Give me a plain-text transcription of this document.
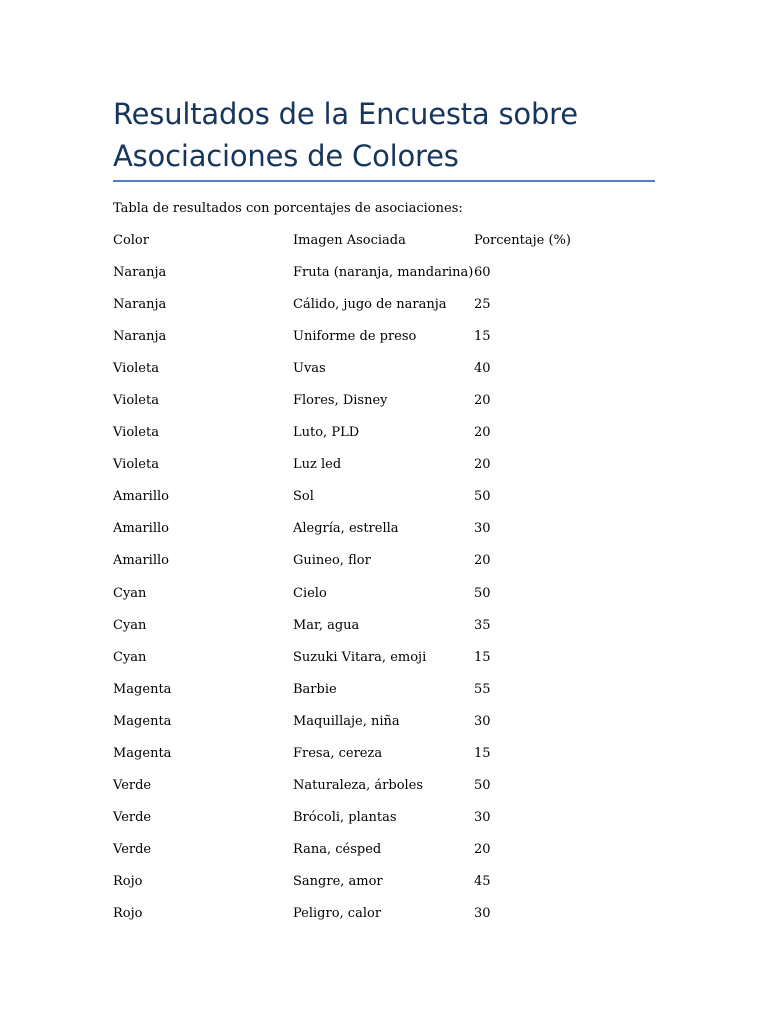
Resultados de la Encuesta sobre Asociaciones de Colores
Tabla de resultados con porcentajes de asociaciones:
Color	Imagen Asociada	Porcentaje (%)
Naranja	Fruta (naranja, mandarina) 60
Naranja	Cálido, jugo de naranja 25
Naranja	Uniforme de preso	15
Violeta	Uvas	40
Violeta	Flores, Disney	20
Violeta	Luto, PLD	20
Violeta	Luz led	20
Amarillo	Sol	50
Amarillo	Alegría, estrella	30
Amarillo	Guineo, flor	20
Cyan	Cielo	50
Cyan	Mar, agua	35
Cyan	Suzuki Vitara, emoji	15
Magenta	Barbie	55
Magenta	Maquillaje, niña	30
Magenta	Fresa, cereza	15
Verde	Naturaleza, árboles	50
Verde	Brócoli, plantas	30
Verde	Rana, césped	20
Rojo	Sangre, amor	45
Rojo	Peligro, calor	30
